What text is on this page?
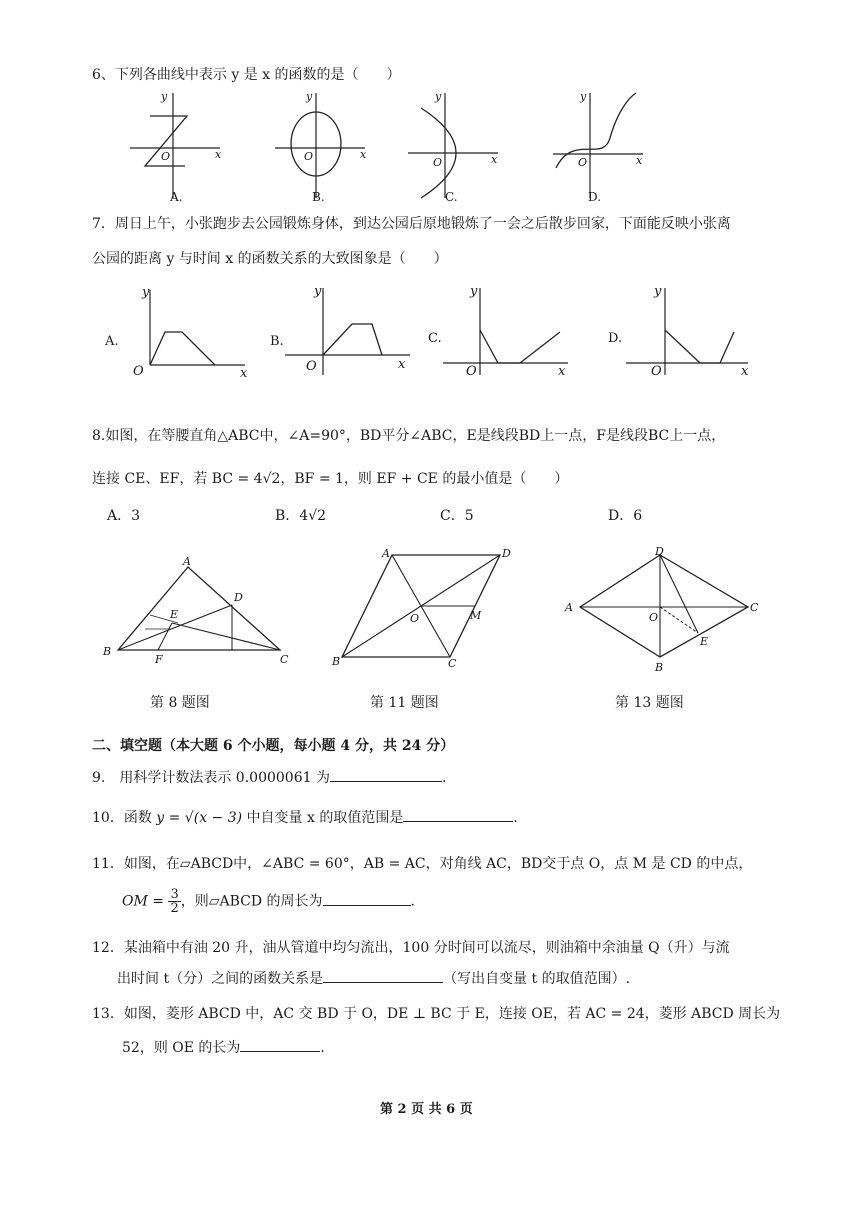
6、下列各曲线中表示 y 是 x 的函数的是（　　）
x
y
O
A.
x
y
O
B.
x
y
O
C.
x
y
O
D.
7．周日上午，小张跑步去公园锻炼身体，到达公园后原地锻炼了一会之后散步回家，下面能反映小张离
公园的距离 y 与时间 x 的函数关系的大致图象是（　　）
A.
x
y
O
B.
x
y
O
C.
x
y
O
D.
x
y
O
8.如图，在等腰直角△ABC中，∠A=90°，BD平分∠ABC，E是线段BD上一点，F是线段BC上一点，
连接 CE、EF，若 BC = 4√2，BF = 1，则 EF + CE 的最小值是（　　）
A．3	B．4√2	C．5	D．6
A
B
C
D
E
F
第 8 题图
A	D
B	C
O	M
第 11 题图
A
D
C
B
O
E
第 13 题图
二、填空题（本大题 6 个小题，每小题 4 分，共 24 分）
9.　用科学计数法表示 0.0000061 为	.
10．函数 y = √(x − 3) 中自变量 x 的取值范围是	.
11．如图，在▱ABCD中，∠ABC = 60°，AB = AC，对角线 AC，BD交于点 O，点 M 是 CD 的中点，
OM = $\frac{3}{2}$ ，则▱ABCD 的周长为	.
12．某油箱中有油 20 升，油从管道中均匀流出，100 分时间可以流尽，则油箱中余油量 Q（升）与流
出时间 t（分）之间的函数关系是	（写出自变量 t 的取值范围）.
13．如图，菱形 ABCD 中，AC 交 BD 于 O，DE ⊥ BC 于 E，连接 OE，若 AC = 24，菱形 ABCD 周长为
52，则 OE 的长为	.
第 2 页 共 6 页
